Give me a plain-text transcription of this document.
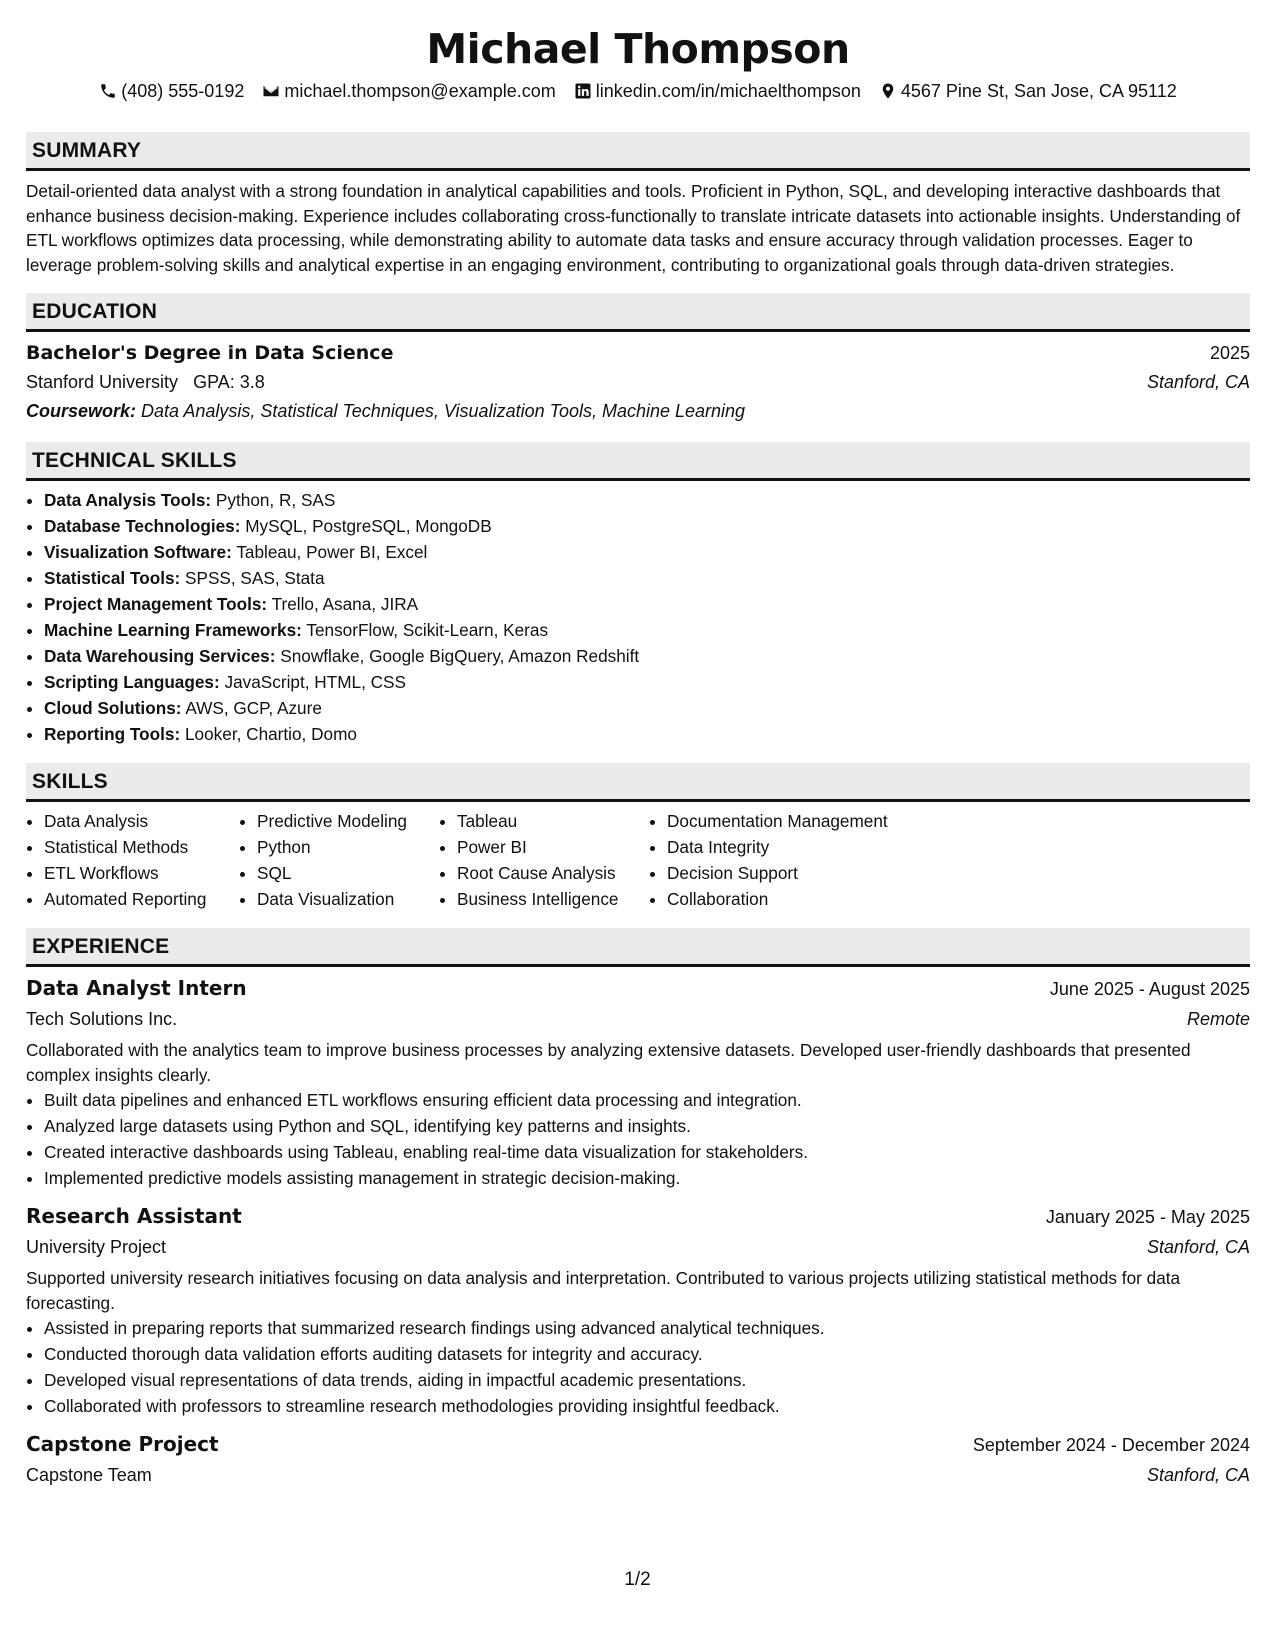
Michael Thompson
(408) 555-0192 michael.thompson@example.com linkedin.com/in/michaelthompson 4567 Pine St, San Jose, CA 95112
SUMMARY

Detail-oriented data analyst with a strong foundation in analytical capabilities and tools. Proficient in Python, SQL, and developing interactive dashboards that enhance business decision-making. Experience includes collaborating cross-functionally to translate intricate datasets into actionable insights. Understanding of ETL workflows optimizes data processing, while demonstrating ability to automate data tasks and ensure accuracy through validation processes. Eager to leverage problem-solving skills and analytical expertise in an engaging environment, contributing to organizational goals through data-driven strategies.

EDUCATION
Bachelor's Degree in Data Science	2025
Stanford University GPA: 3.8	Stanford, CA
Coursework: Data Analysis, Statistical Techniques, Visualization Tools, Machine Learning
TECHNICAL SKILLS
• Data Analysis Tools: Python, R, SAS
• Database Technologies: MySQL, PostgreSQL, MongoDB
• Visualization Software: Tableau, Power BI, Excel
• Statistical Tools: SPSS, SAS, Stata
• Project Management Tools: Trello, Asana, JIRA
• Machine Learning Frameworks: TensorFlow, Scikit-Learn, Keras
• Data Warehousing Services: Snowflake, Google BigQuery, Amazon Redshift
• Scripting Languages: JavaScript, HTML, CSS
• Cloud Solutions: AWS, GCP, Azure
• Reporting Tools: Looker, Chartio, Domo
SKILLS
• Data Analysis
• Statistical Methods
• ETL Workflows
• Automated Reporting
• Predictive Modeling
• Python
• SQL
• Data Visualization
• Tableau
• Power BI
• Root Cause Analysis
• Business Intelligence
• Documentation Management
• Data Integrity
• Decision Support
• Collaboration
EXPERIENCE
Data Analyst Intern	June 2025 - August 2025
Tech Solutions Inc.	Remote

Collaborated with the analytics team to improve business processes by analyzing extensive datasets. Developed user-friendly dashboards that presented complex insights clearly.

• Built data pipelines and enhanced ETL workflows ensuring efficient data processing and integration.
• Analyzed large datasets using Python and SQL, identifying key patterns and insights.
• Created interactive dashboards using Tableau, enabling real-time data visualization for stakeholders.
• Implemented predictive models assisting management in strategic decision-making.
Research Assistant	January 2025 - May 2025
University Project	Stanford, CA

Supported university research initiatives focusing on data analysis and interpretation. Contributed to various projects utilizing statistical methods for data forecasting.

• Assisted in preparing reports that summarized research findings using advanced analytical techniques.
• Conducted thorough data validation efforts auditing datasets for integrity and accuracy.
• Developed visual representations of data trends, aiding in impactful academic presentations.
• Collaborated with professors to streamline research methodologies providing insightful feedback.
Capstone Project	September 2024 - December 2024
Capstone Team	Stanford, CA
1/2
